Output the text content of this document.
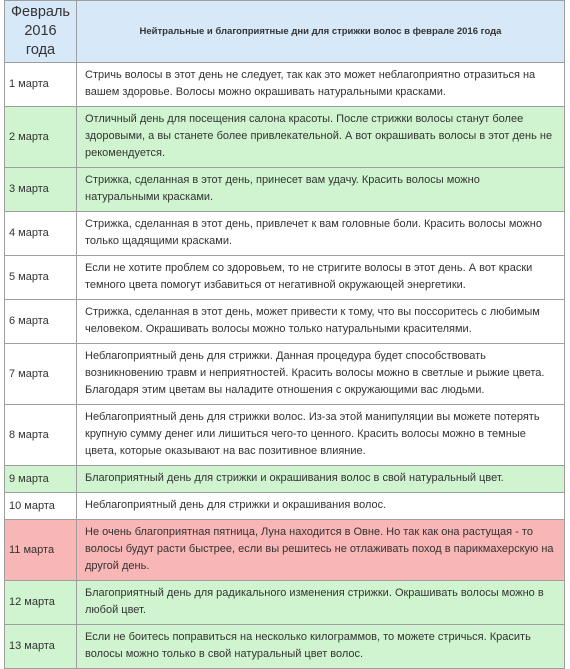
Февраль
2016 года	Нейтральные и благоприятные дни для стрижки волос в феврале 2016 года
1 марта	Стричь волосы в этот день не следует, так как это может неблагоприятно отразиться на вашем здоровье. Волосы можно окрашивать натуральными красками.
2 марта	Отличный день для посещения салона красоты. После стрижки волосы станут более здоровыми, а вы станете более привлекательной. А вот окрашивать волосы в этот день не рекомендуется.
3 марта	Стрижка, сделанная в этот день, принесет вам удачу. Красить волосы можно натуральными красками.
4 марта	Стрижка, сделанная в этот день, привлечет к вам головные боли. Красить волосы можно только щадящими красками.
5 марта	Если не хотите проблем со здоровьем, то не стригите волосы в этот день. А вот краски темного цвета помогут избавиться от негативной окружающей энергетики.
6 марта	Стрижка, сделанная в этот день, может привести к тому, что вы поссоритесь с любимым человеком. Окрашивать волосы можно только натуральными красителями.
7 марта	Неблагоприятный день для стрижки. Данная процедура будет способствовать возникновению травм и неприятностей. Красить волосы можно в светлые и рыжие цвета. Благодаря этим цветам вы наладите отношения с окружающими вас людьми.
8 марта	Неблагоприятный день для стрижки волос. Из-за этой манипуляции вы можете потерять крупную сумму денег или лишиться чего-то ценного. Красить волосы можно в темные цвета, которые оказывают на вас позитивное влияние.
9 марта	Благоприятный день для стрижки и окрашивания волос в свой натуральный цвет.
10 марта	Неблагоприятный день для стрижки и окрашивания волос.
11 марта	Не очень благоприятная пятница, Луна находится в Овне. Но так как она растущая - то волосы будут расти быстрее, если вы решитесь не отлаживать поход в парикмахерскую на другой день.
12 марта	Благоприятный день для радикального изменения стрижки. Окрашивать волосы можно в любой цвет.
13 марта	Если не боитесь поправиться на несколько килограммов, то можете стричься. Красить волосы можно только в свой натуральный цвет волос.
